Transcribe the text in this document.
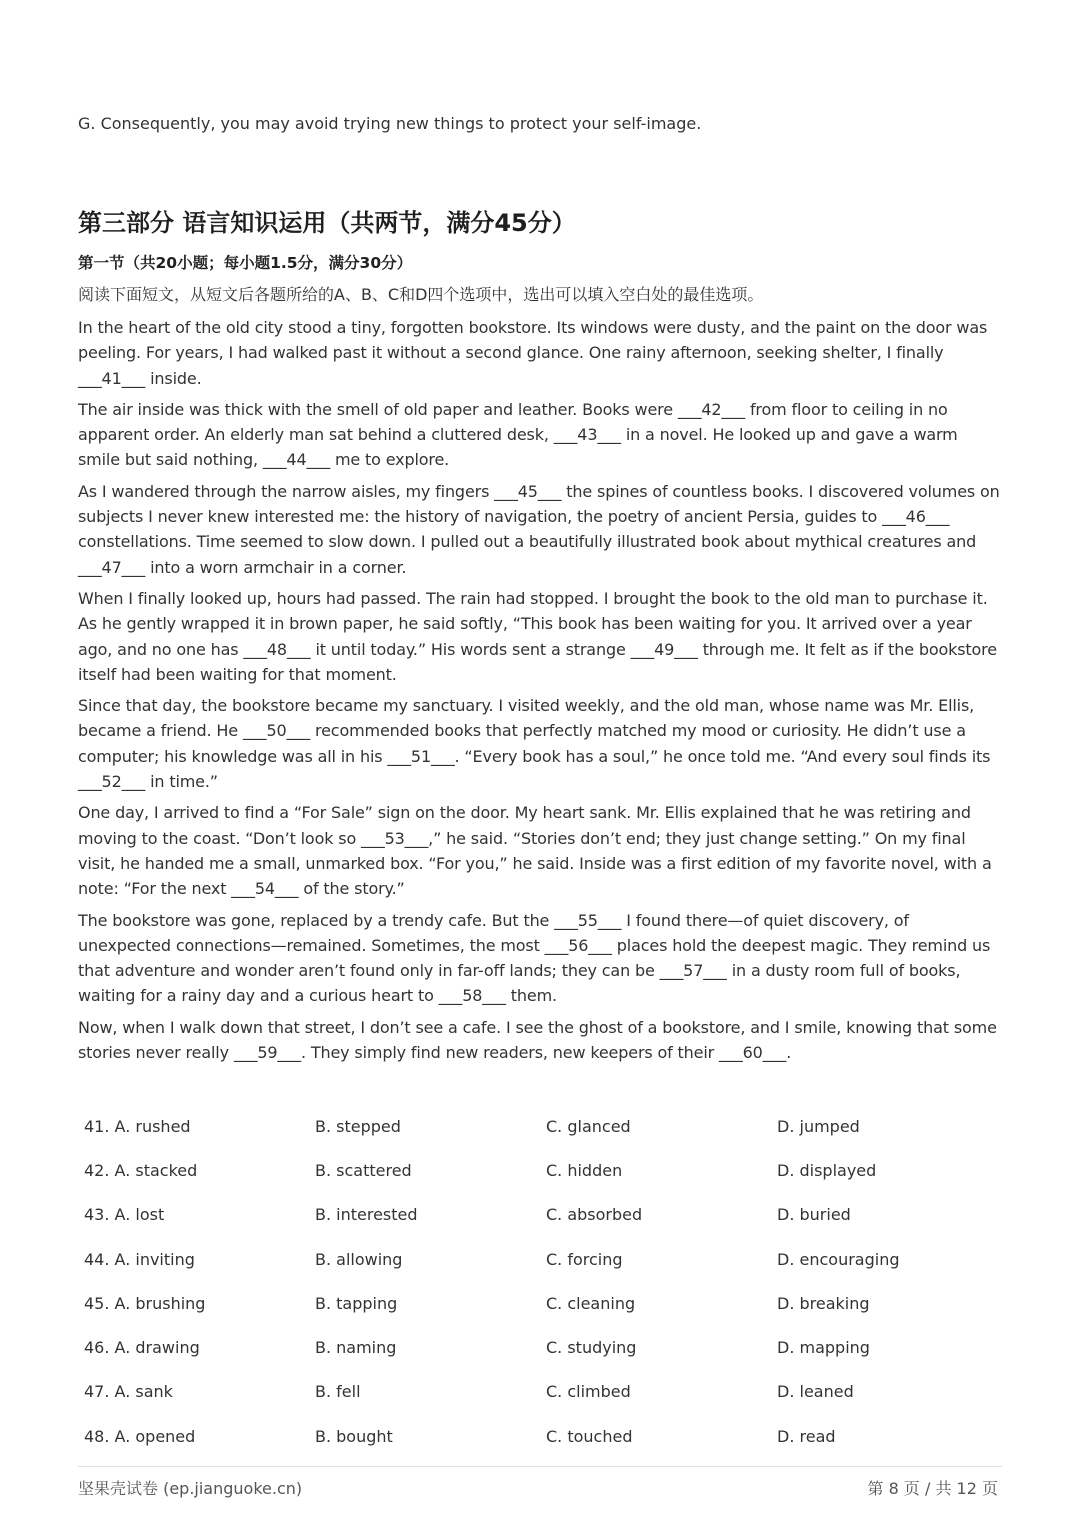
G. Consequently, you may avoid trying new things to protect your self-image.
第三部分 语言知识运用（共两节，满分45分）
第一节（共20小题；每小题1.5分，满分30分）
阅读下面短文，从短文后各题所给的A、B、C和D四个选项中，选出可以填入空白处的最佳选项。

In the heart of the old city stood a tiny, forgotten bookstore. Its windows were dusty, and the paint on the door was peeling. For years, I had walked past it without a second glance. One rainy afternoon, seeking shelter, I finally ___41___ inside.

The air inside was thick with the smell of old paper and leather. Books were ___42___ from floor to ceiling in no apparent order. An elderly man sat behind a cluttered desk, ___43___ in a novel. He looked up and gave a warm smile but said nothing, ___44___ me to explore.

As I wandered through the narrow aisles, my fingers ___45___ the spines of countless books. I discovered volumes on subjects I never knew interested me: the history of navigation, the poetry of ancient Persia, guides to ___46___ constellations. Time seemed to slow down. I pulled out a beautifully illustrated book about mythical creatures and ___47___ into a worn armchair in a corner.

When I finally looked up, hours had passed. The rain had stopped. I brought the book to the old man to purchase it. As he gently wrapped it in brown paper, he said softly, “This book has been waiting for you. It arrived over a year ago, and no one has ___48___ it until today.” His words sent a strange ___49___ through me. It felt as if the bookstore itself had been waiting for that moment.

Since that day, the bookstore became my sanctuary. I visited weekly, and the old man, whose name was Mr. Ellis, became a friend. He ___50___ recommended books that perfectly matched my mood or curiosity. He didn’t use a computer; his knowledge was all in his ___51___. “Every book has a soul,” he once told me. “And every soul finds its ___52___ in time.”

One day, I arrived to find a “For Sale” sign on the door. My heart sank. Mr. Ellis explained that he was retiring and moving to the coast. “Don’t look so ___53___,” he said. “Stories don’t end; they just change setting.” On my final visit, he handed me a small, unmarked box. “For you,” he said. Inside was a first edition of my favorite novel, with a note: “For the next ___54___ of the story.”

The bookstore was gone, replaced by a trendy cafe. But the ___55___ I found there—of quiet discovery, of unexpected connections—remained. Sometimes, the most ___56___ places hold the deepest magic. They remind us that adventure and wonder aren’t found only in far-off lands; they can be ___57___ in a dusty room full of books, waiting for a rainy day and a curious heart to ___58___ them.

Now, when I walk down that street, I don’t see a cafe. I see the ghost of a bookstore, and I smile, knowing that some stories never really ___59___. They simply find new readers, new keepers of their ___60___.

41. A. rushed	B. stepped	C. glanced	D. jumped
42. A. stacked	B. scattered	C. hidden	D. displayed
43. A. lost	B. interested	C. absorbed	D. buried
44. A. inviting	B. allowing	C. forcing	D. encouraging
45. A. brushing	B. tapping	C. cleaning	D. breaking
46. A. drawing	B. naming	C. studying	D. mapping
47. A. sank	B. fell	C. climbed	D. leaned
48. A. opened	B. bought	C. touched	D. read
坚果壳试卷 (ep.jianguoke.cn)	第 8 页 / 共 12 页
